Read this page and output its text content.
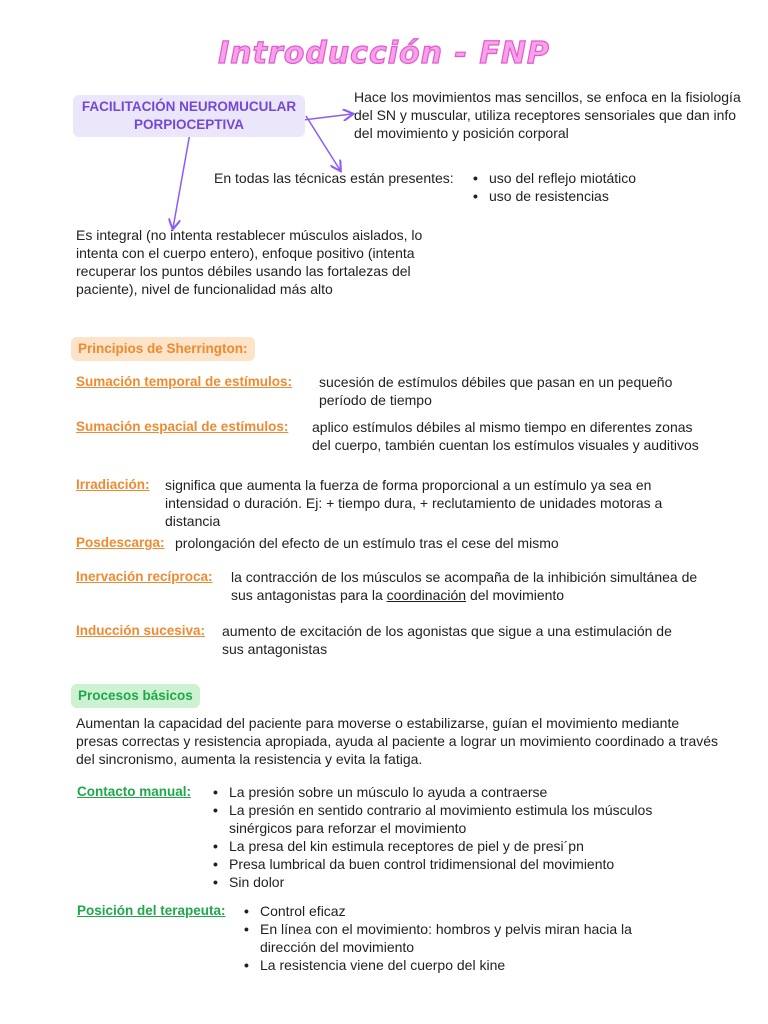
Introducción - FNP
FACILITACIÓN NEUROMUCULAR
PORPIOCEPTIVA
Hace los movimientos mas sencillos, se enfoca en la fisiología del SN y muscular, utiliza receptores sensoriales que dan info del movimiento y posición corporal
En todas las técnicas están presentes:	• uso del reflejo miotático
• uso de resistencias
Es integral (no intenta restablecer músculos aislados, lo intenta con el cuerpo entero), enfoque positivo (intenta recuperar los puntos débiles usando las fortalezas del paciente), nivel de funcionalidad más alto
Principios de Sherrington:
Sumación temporal de estímulos: sucesión de estímulos débiles que pasan en un pequeño período de tiempo
Sumación espacial de estímulos: aplico estímulos débiles al mismo tiempo en diferentes zonas del cuerpo, también cuentan los estímulos visuales y auditivos
Irradiación: significa que aumenta la fuerza de forma proporcional a un estímulo ya sea en intensidad o duración. Ej: + tiempo dura, + reclutamiento de unidades motoras a distancia
Posdescarga: prolongación del efecto de un estímulo tras el cese del mismo
Inervación recíproca: la contracción de los músculos se acompaña de la inhibición simultánea de sus antagonistas para la coordinación del movimiento
Inducción sucesiva: aumento de excitación de los agonistas que sigue a una estimulación de sus antagonistas
Procesos básicos
Aumentan la capacidad del paciente para moverse o estabilizarse, guían el movimiento mediante presas correctas y resistencia apropiada, ayuda al paciente a lograr un movimiento coordinado a través del sincronismo, aumenta la resistencia y evita la fatiga.
Contacto manual:	• La presión sobre un músculo lo ayuda a contraerse
• La presión en sentido contrario al movimiento estimula los músculos sinérgicos para reforzar el movimiento
• La presa del kin estimula receptores de piel y de presi´pn
• Presa lumbrical da buen control tridimensional del movimiento
• Sin dolor
Posición del terapeuta:	• Control eficaz
• En línea con el movimiento: hombros y pelvis miran hacia la dirección del movimiento
• La resistencia viene del cuerpo del kine
